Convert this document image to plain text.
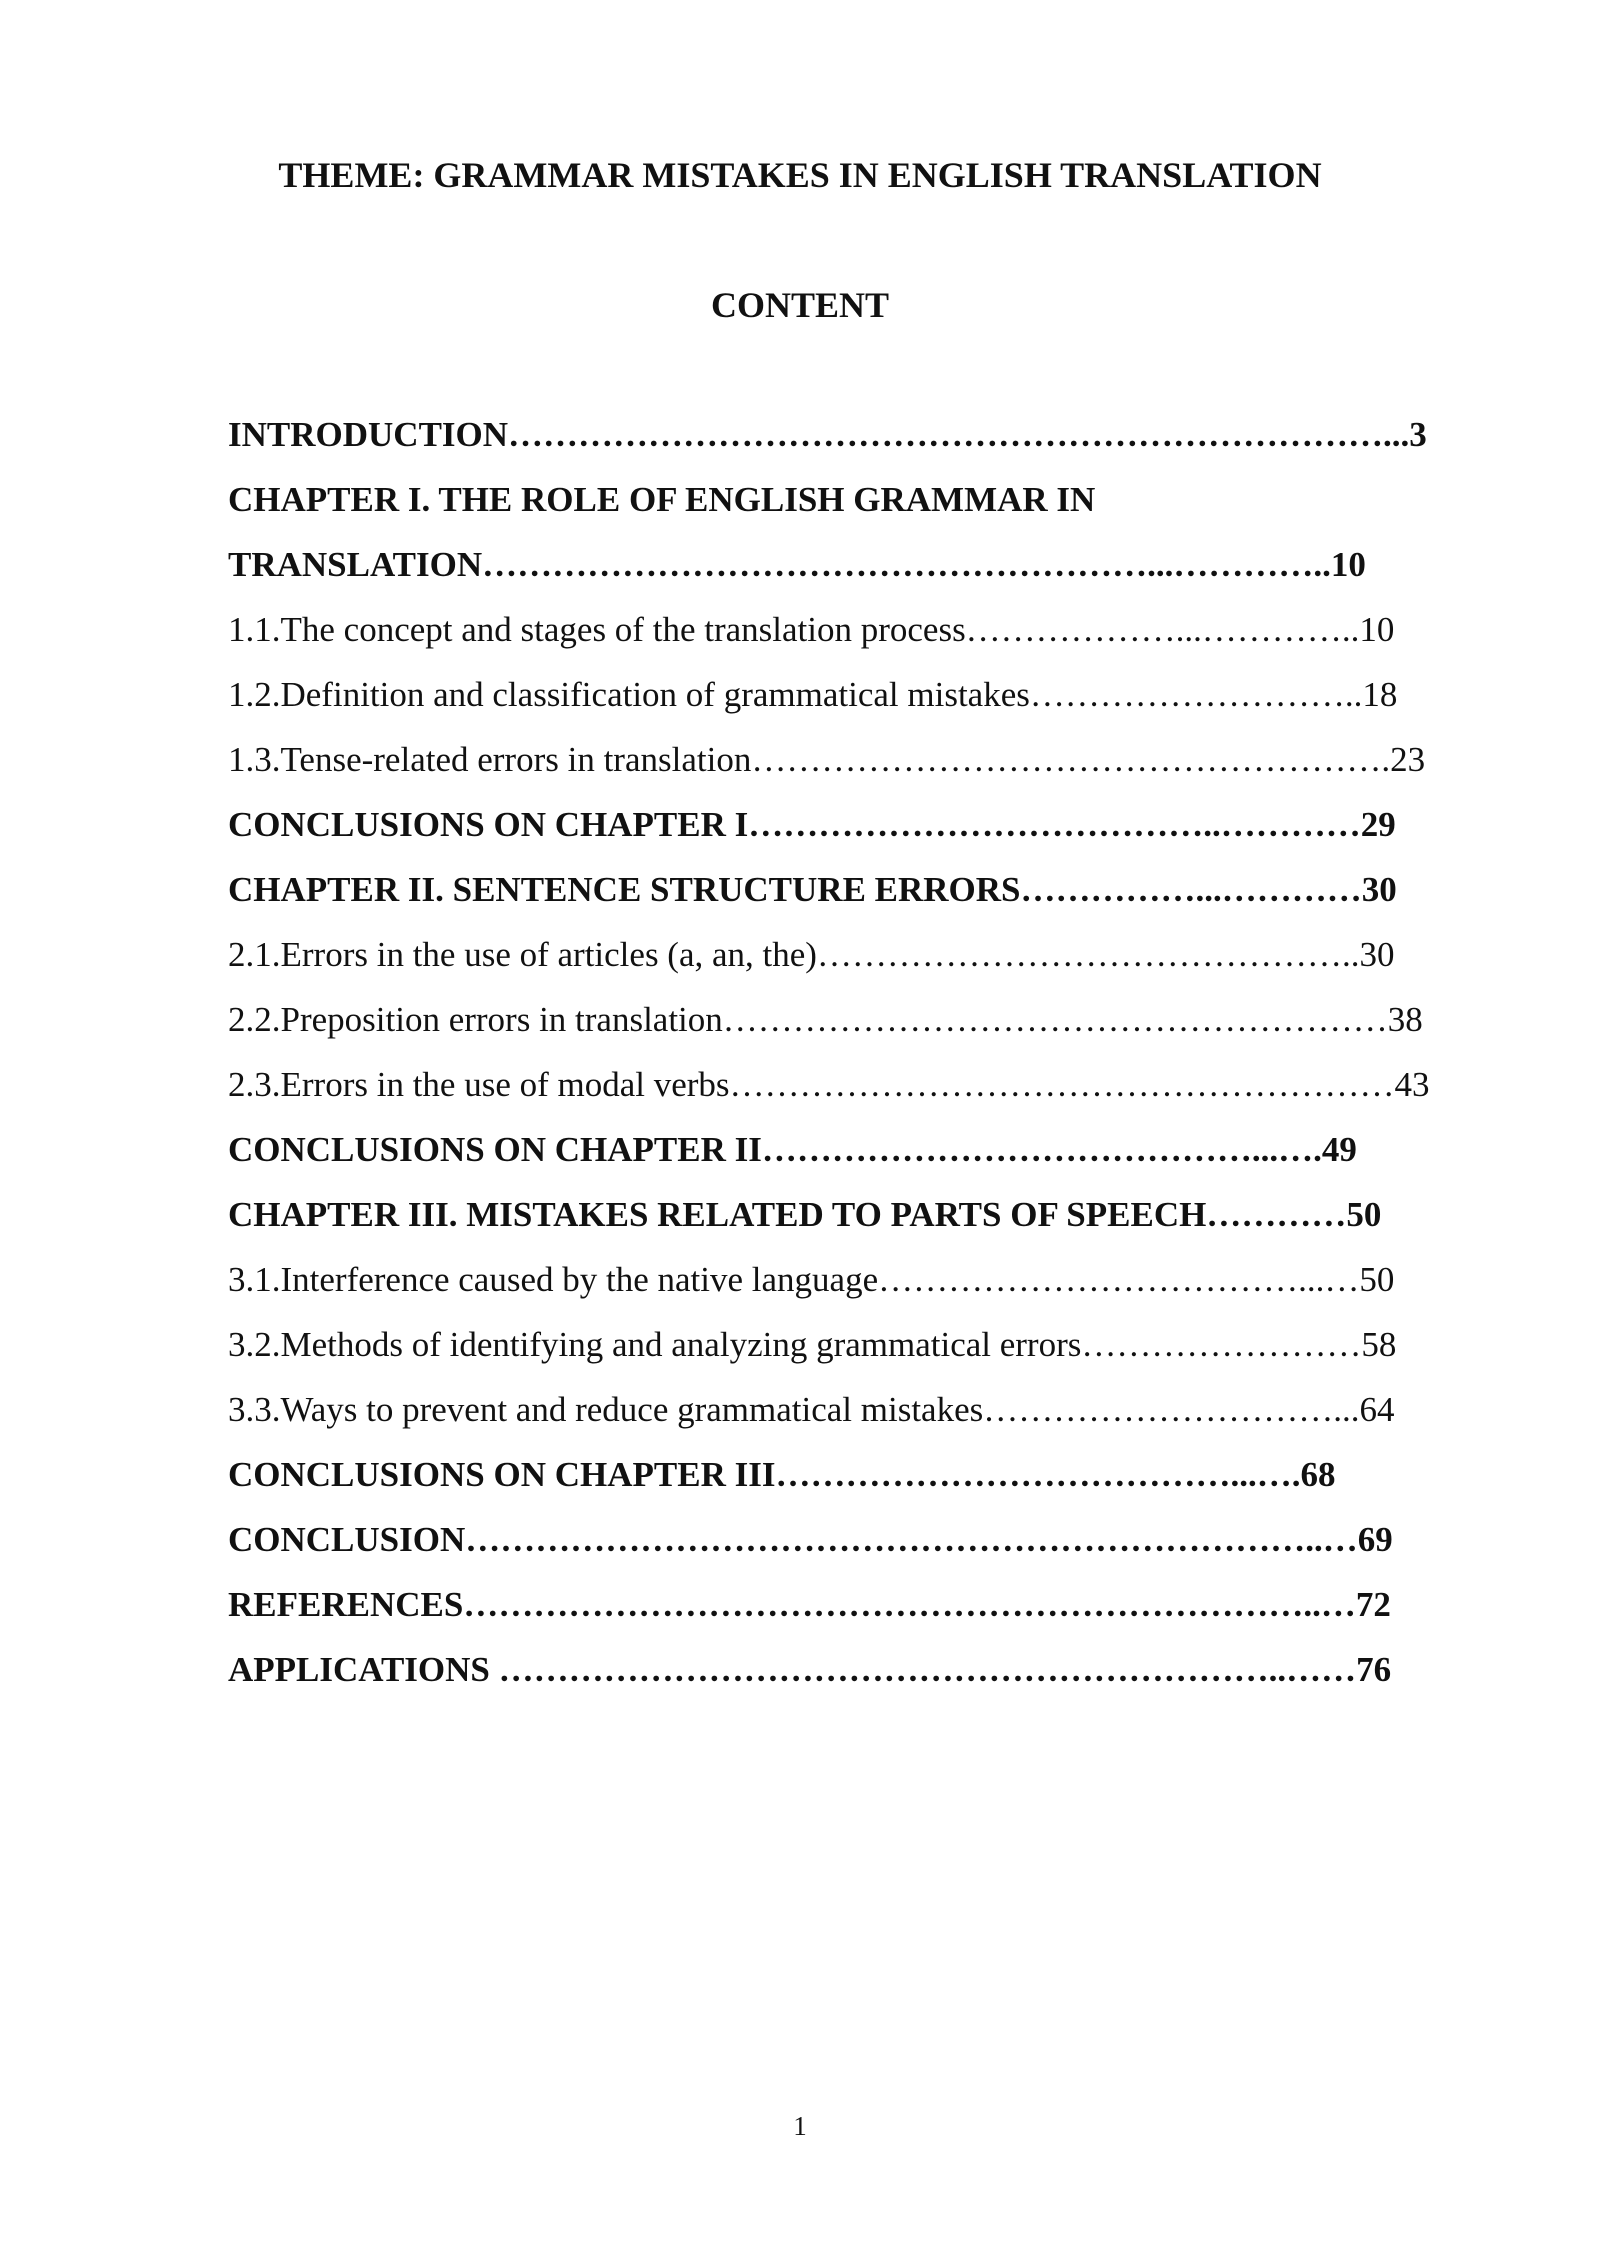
THEME: GRAMMAR MISTAKES IN ENGLISH TRANSLATION
CONTENT
INTRODUCTION…………………………………………………………………...3
CHAPTER I. THE ROLE OF ENGLISH GRAMMAR IN
TRANSLATION…………………………………………………...…………..10
1.1.The concept and stages of the translation process………………...…………..10
1.2.Definition and classification of grammatical mistakes………………………..18
1.3.Tense-related errors in translation……………………………………………….23
CONCLUSIONS ON CHAPTER I…………………………………..…………29
CHAPTER II. SENTENCE STRUCTURE ERRORS……………...…………30
2.1.Errors in the use of articles (a, an, the)………………………………………..30
2.2.Preposition errors in translation…………………………………………………38
2.3.Errors in the use of modal verbs…………………………………………………43
CONCLUSIONS ON CHAPTER II……………………………………...….49
CHAPTER III. MISTAKES RELATED TO PARTS OF SPEECH…………50
3.1.Interference caused by the native language………………………………...…50
3.2.Methods of identifying and analyzing grammatical errors……………………58
3.3.Ways to prevent and reduce grammatical mistakes…………………………...64
CONCLUSIONS ON CHAPTER III…………………………………...….68
CONCLUSION………………………………………………………………..…69
REFERENCES………………………………………………………………..…72
APPLICATIONS …………………………………………………………..……76
1
